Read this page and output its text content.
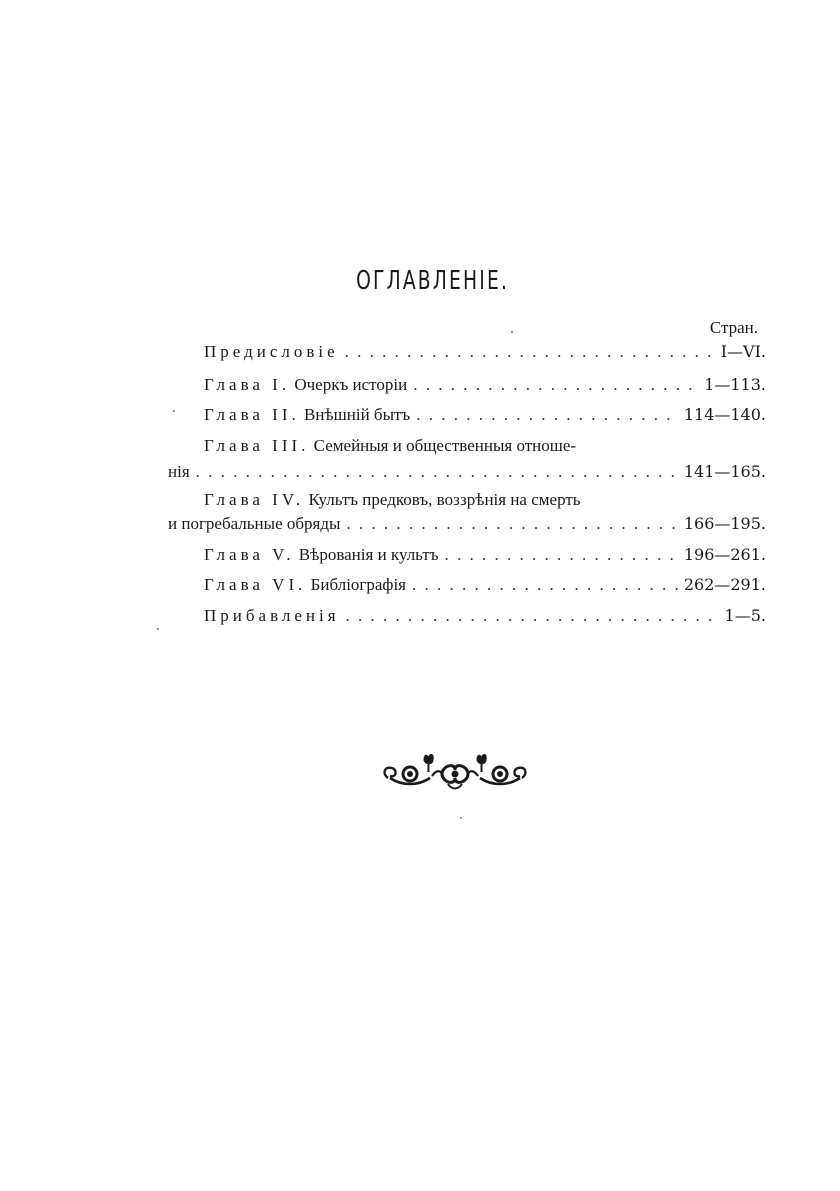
ОГЛАВЛЕНІЕ.
Стран.
Предисловіе . . .	I—VI.
Глава I. Очеркъ исторіи . . .	1—113.
Глава II. Внѣшній бытъ . . .	114—140.
Глава III. Семейныя и общественныя отноше-
нія . . .	141—165.
Глава IV. Культъ предковъ, воззрѣнія на смерть
и погребальные обряды . . .	166—195.
Глава V. Вѣрованія и культъ . . .	196—261.
Глава VI. Библіографія . . .	262—291.
Прибавленія . . .	1—5.
